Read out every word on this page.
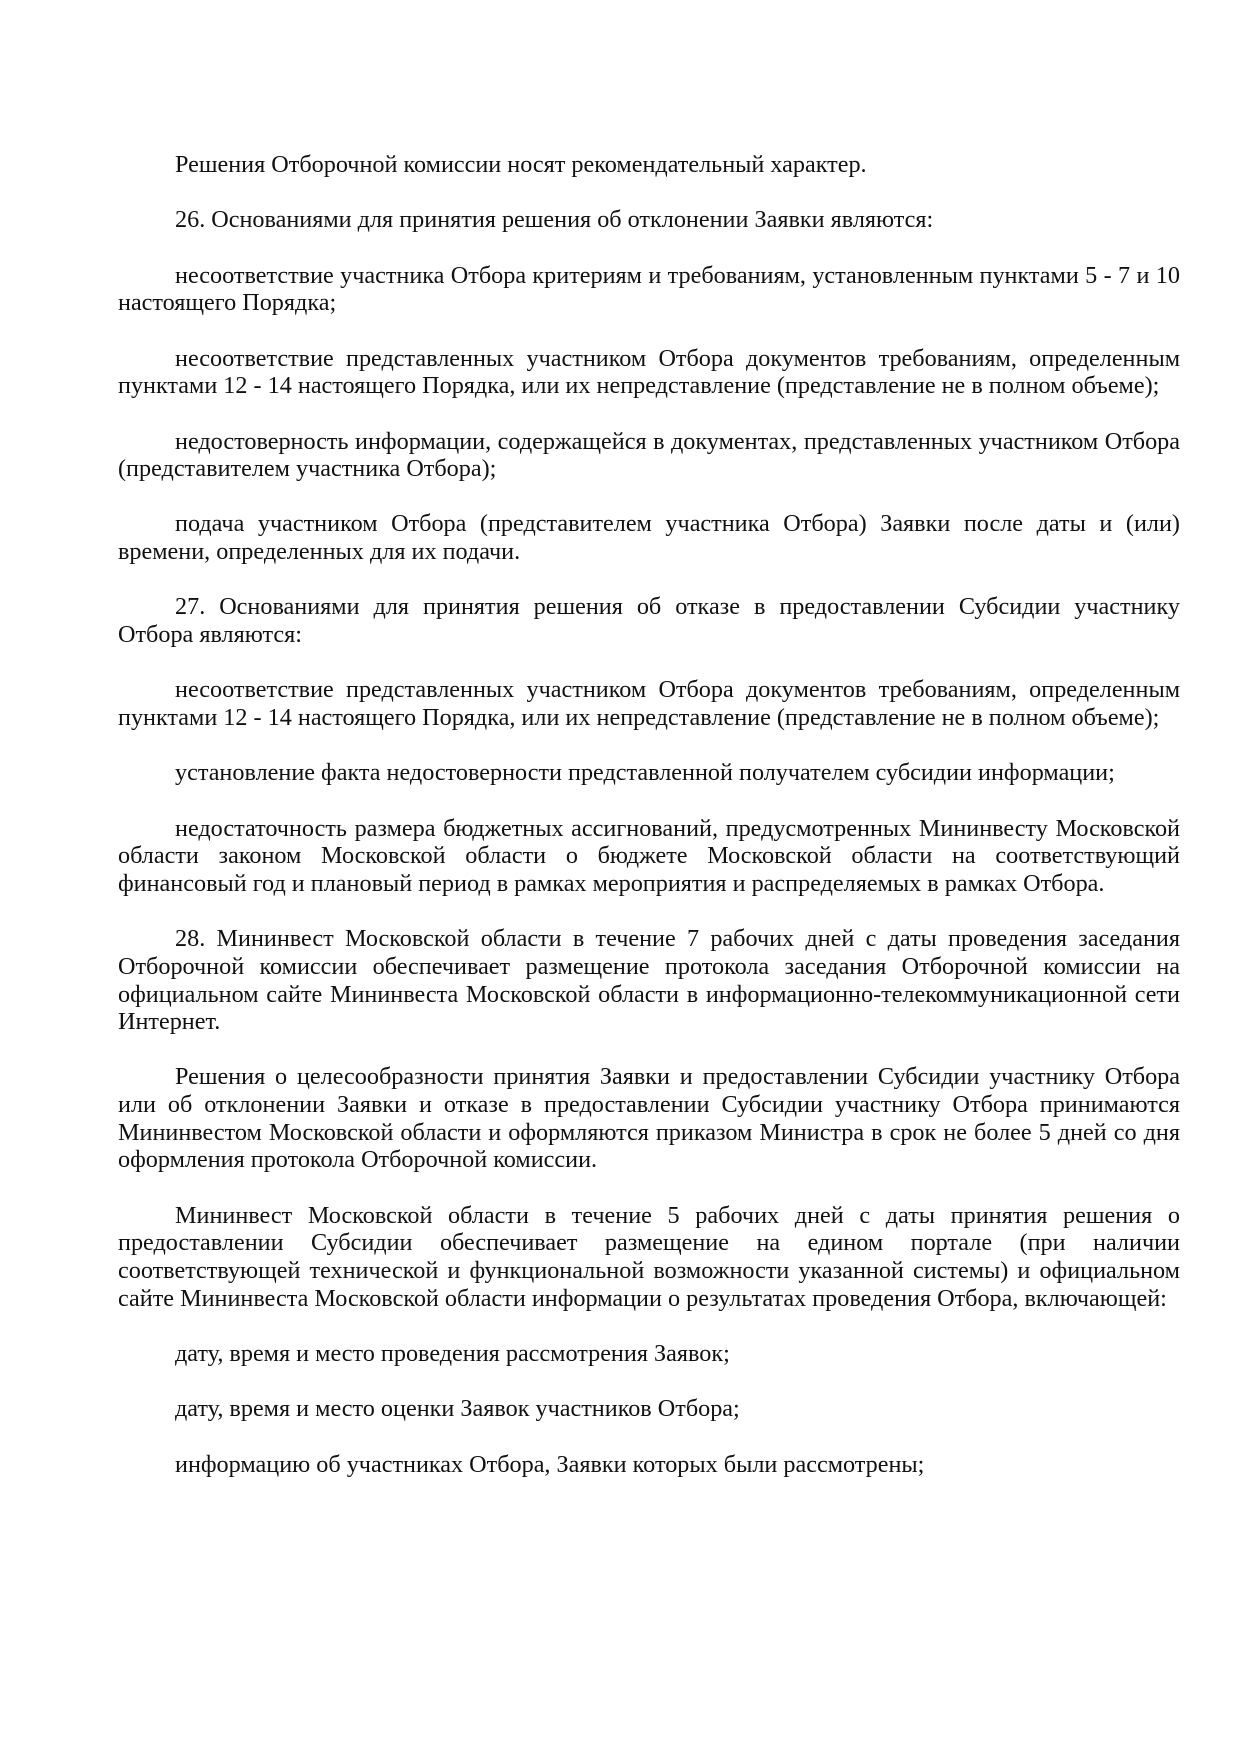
Решения Отборочной комиссии носят рекомендательный характер.

26. Основаниями для принятия решения об отклонении Заявки являются:

несоответствие участника Отбора критериям и требованиям, установленным пунктами 5 - 7 и 10 настоящего Порядка;

несоответствие представленных участником Отбора документов требованиям, определенным пунктами 12 - 14 настоящего Порядка, или их непредставление (представление не в полном объеме);

недостоверность информации, содержащейся в документах, представленных участником Отбора (представителем участника Отбора);

подача участником Отбора (представителем участника Отбора) Заявки после даты и (или) времени, определенных для их подачи.

27. Основаниями для принятия решения об отказе в предоставлении Субсидии участнику Отбора являются:

несоответствие представленных участником Отбора документов требованиям, определенным пунктами 12 - 14 настоящего Порядка, или их непредставление (представление не в полном объеме);

установление факта недостоверности представленной получателем субсидии информации;

недостаточность размера бюджетных ассигнований, предусмотренных Мининвесту Московской области законом Московской области о бюджете Московской области на соответствующий финансовый год и плановый период в рамках мероприятия и распределяемых в рамках Отбора.

28. Мининвест Московской области в течение 7 рабочих дней с даты проведения заседания Отборочной комиссии обеспечивает размещение протокола заседания Отборочной комиссии на официальном сайте Мининвеста Московской области в информационно-телекоммуникационной сети Интернет.

Решения о целесообразности принятия Заявки и предоставлении Субсидии участнику Отбора или об отклонении Заявки и отказе в предоставлении Субсидии участнику Отбора принимаются Мининвестом Московской области и оформляются приказом Министра в срок не более 5 дней со дня оформления протокола Отборочной комиссии.

Мининвест Московской области в течение 5 рабочих дней с даты принятия решения о предоставлении Субсидии обеспечивает размещение на едином портале (при наличии соответствующей технической и функциональной возможности указанной системы) и официальном сайте Мининвеста Московской области информации о результатах проведения Отбора, включающей:

дату, время и место проведения рассмотрения Заявок;

дату, время и место оценки Заявок участников Отбора;

информацию об участниках Отбора, Заявки которых были рассмотрены;
